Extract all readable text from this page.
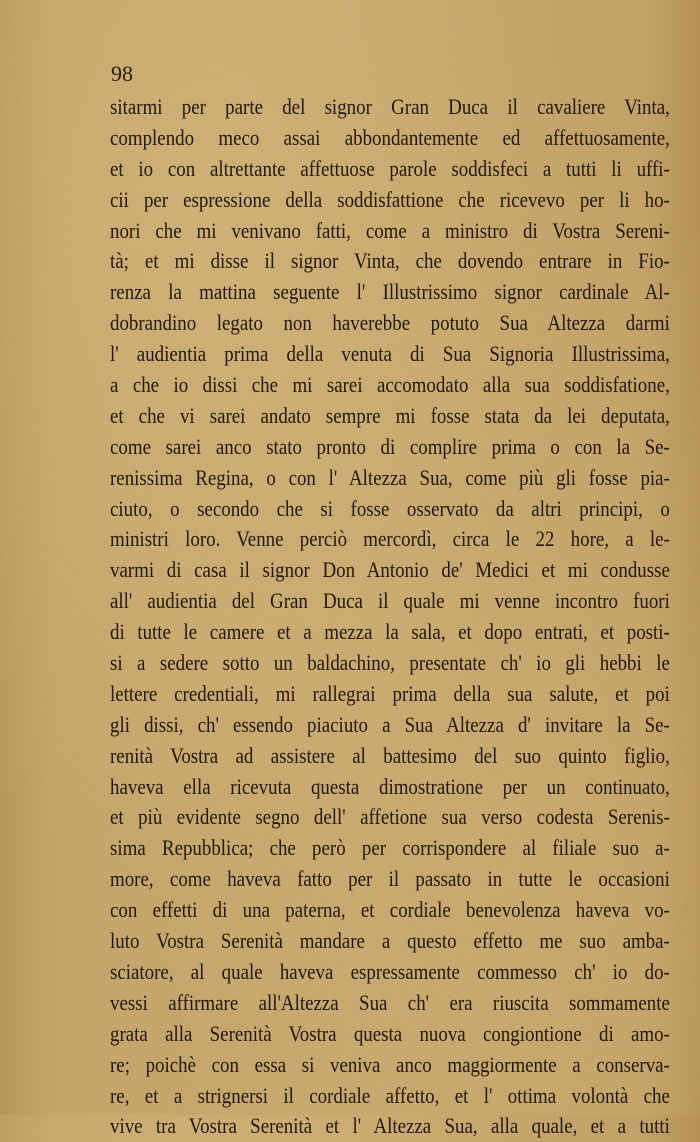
98
sitarmi per parte del signor Gran Duca il cavaliere Vinta,
complendo meco assai abbondantemente ed affettuosamente,
et io con altrettante affettuose parole soddisfeci a tutti li uffi-
cii per espressione della soddisfattione che ricevevo per li ho-
nori che mi venivano fatti, come a ministro di Vostra Sereni-
tà; et mi disse il signor Vinta, che dovendo entrare in Fio-
renza la mattina seguente l' Illustrissimo signor cardinale Al-
dobrandino legato non haverebbe potuto Sua Altezza darmi
l' audientia prima della venuta di Sua Signoria Illustrissima,
a che io dissi che mi sarei accomodato alla sua soddisfatione,
et che vi sarei andato sempre mi fosse stata da lei deputata,
come sarei anco stato pronto di complire prima o con la Se-
renissima Regina, o con l' Altezza Sua, come più gli fosse pia-
ciuto, o secondo che si fosse osservato da altri principi, o
ministri loro. Venne perciò mercordì, circa le 22 hore, a le-
varmi di casa il signor Don Antonio de' Medici et mi condusse
all' audientia del Gran Duca il quale mi venne incontro fuori
di tutte le camere et a mezza la sala, et dopo entrati, et posti-
si a sedere sotto un baldachino, presentate ch' io gli hebbi le
lettere credentiali, mi rallegrai prima della sua salute, et poi
gli dissi, ch' essendo piaciuto a Sua Altezza d' invitare la Se-
renità Vostra ad assistere al battesimo del suo quinto figlio,
haveva ella ricevuta questa dimostratione per un continuato,
et più evidente segno dell' affetione sua verso codesta Serenis-
sima Repubblica; che però per corrispondere al filiale suo a-
more, come haveva fatto per il passato in tutte le occasioni
con effetti di una paterna, et cordiale benevolenza haveva vo-
luto Vostra Serenità mandare a questo effetto me suo amba-
sciatore, al quale haveva espressamente commesso ch' io do-
vessi affirmare all'Altezza Sua ch' era riuscita sommamente
grata alla Serenità Vostra questa nuova congiontione di amo-
re; poichè con essa si veniva anco maggiormente a conserva-
re, et a strignersi il cordiale affetto, et l' ottima volontà che
vive tra Vostra Serenità et l' Altezza Sua, alla quale, et a tutti
